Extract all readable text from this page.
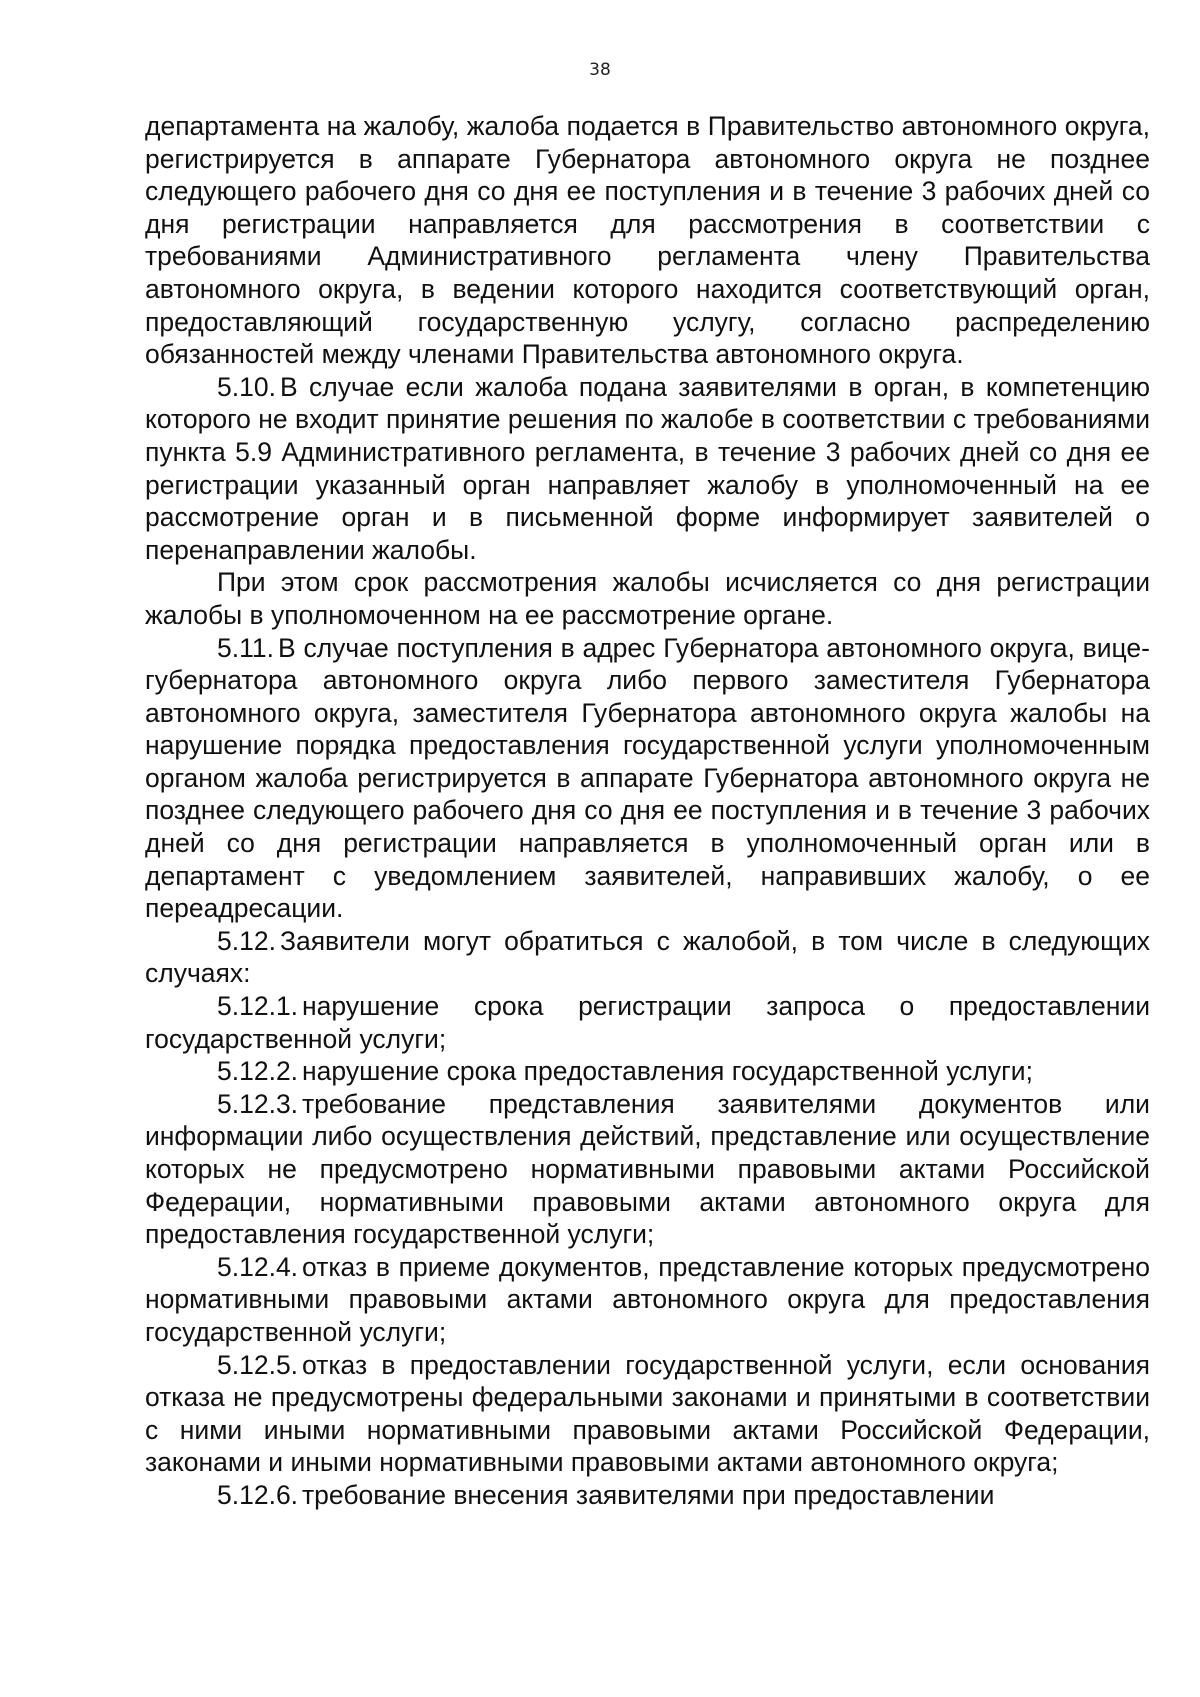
38

департамента на жалобу, жалоба подается в Правительство автономного округа, регистрируется в аппарате Губернатора автономного округа не позднее следующего рабочего дня со дня ее поступления и в течение 3 рабочих дней со дня регистрации направляется для рассмотрения в соответствии с требованиями Административного регламента члену Правительства автономного округа, в ведении которого находится соответствующий орган, предоставляющий государственную услугу, согласно распределению обязанностей между членами Правительства автономного округа.

5.10. В случае если жалоба подана заявителями в орган, в компетенцию которого не входит принятие решения по жалобе в соответствии с требованиями пункта 5.9 Административного регламента, в течение 3 рабочих дней со дня ее регистрации указанный орган направляет жалобу в уполномоченный на ее рассмотрение орган и в письменной форме информирует заявителей о перенаправлении жалобы.

При этом срок рассмотрения жалобы исчисляется со дня регистрации жалобы в уполномоченном на ее рассмотрение органе.

5.11. В случае поступления в адрес Губернатора автономного округа, вице-губернатора автономного округа либо первого заместителя Губернатора автономного округа, заместителя Губернатора автономного округа жалобы на нарушение порядка предоставления государственной услуги уполномоченным органом жалоба регистрируется в аппарате Губернатора автономного округа не позднее следующего рабочего дня со дня ее поступления и в течение 3 рабочих дней со дня регистрации направляется в уполномоченный орган или в департамент с уведомлением заявителей, направивших жалобу, о ее переадресации.

5.12. Заявители могут обратиться с жалобой, в том числе в следующих случаях:

5.12.1. нарушение срока регистрации запроса о предоставлении государственной услуги;

5.12.2. нарушение срока предоставления государственной услуги;

5.12.3. требование представления заявителями документов или информации либо осуществления действий, представление или осуществление которых не предусмотрено нормативными правовыми актами Российской Федерации, нормативными правовыми актами автономного округа для предоставления государственной услуги;

5.12.4. отказ в приеме документов, представление которых предусмотрено нормативными правовыми актами автономного округа для предоставления государственной услуги;

5.12.5. отказ в предоставлении государственной услуги, если основания отказа не предусмотрены федеральными законами и принятыми в соответствии с ними иными нормативными правовыми актами Российской Федерации, законами и иными нормативными правовыми актами автономного округа;

5.12.6. требование внесения заявителями при предоставлении
